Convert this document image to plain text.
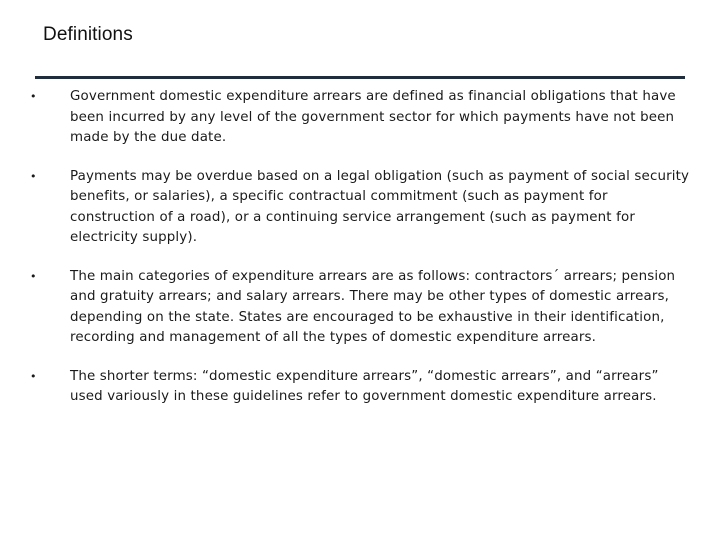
Definitions
• Government domestic expenditure arrears are defined as financial obligations that have been incurred by any level of the government sector for which payments have not been made by the due date.
• Payments may be overdue based on a legal obligation (such as payment of social security benefits, or salaries), a specific contractual commitment (such as payment for construction of a road), or a continuing service arrangement (such as payment for electricity supply).
• The main categories of expenditure arrears are as follows: contractors´ arrears; pension and gratuity arrears; and salary arrears. There may be other types of domestic arrears, depending on the state. States are encouraged to be exhaustive in their identification, recording and management of all the types of domestic expenditure arrears.
• The shorter terms: “domestic expenditure arrears”, “domestic arrears”, and “arrears” used variously in these guidelines refer to government domestic expenditure arrears.
